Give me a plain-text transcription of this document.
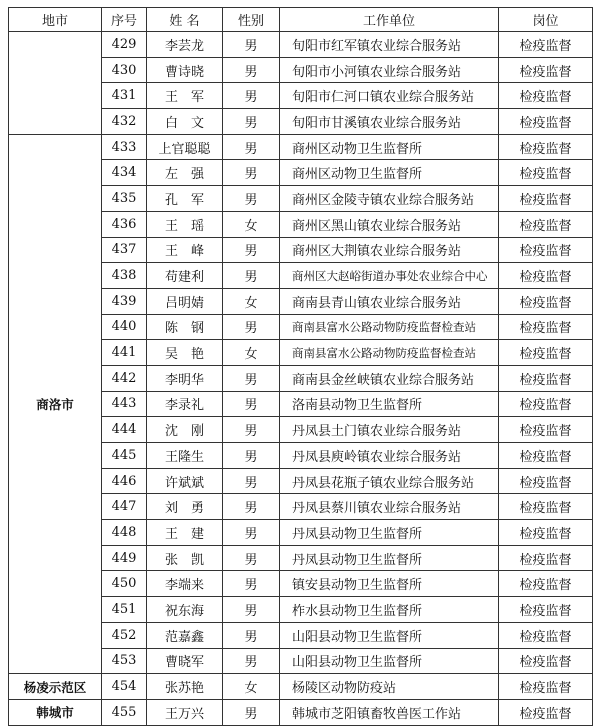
地市	序号	姓 名	性别	工作单位	岗位
	429	李芸龙	男	旬阳市红军镇农业综合服务站	检疫监督
	430	曹诗晓	男	旬阳市小河镇农业综合服务站	检疫监督
	431	王　军	男	旬阳市仁河口镇农业综合服务站	检疫监督
	432	白　文	男	旬阳市甘溪镇农业综合服务站	检疫监督
商洛市	433	上官聪聪	男	商州区动物卫生监督所	检疫监督
	434	左　强	男	商州区动物卫生监督所	检疫监督
	435	孔　军	男	商州区金陵寺镇农业综合服务站	检疫监督
	436	王　瑶	女	商州区黑山镇农业综合服务站	检疫监督
	437	王　峰	男	商州区大荆镇农业综合服务站	检疫监督
	438	苟建利	男	商州区大赵峪街道办事处农业综合中心	检疫监督
	439	吕明婧	女	商南县青山镇农业综合服务站	检疫监督
	440	陈　钢	男	商南县富水公路动物防疫监督检查站	检疫监督
	441	吴　艳	女	商南县富水公路动物防疫监督检查站	检疫监督
	442	李明华	男	商南县金丝峡镇农业综合服务站	检疫监督
	443	李录礼	男	洛南县动物卫生监督所	检疫监督
	444	沈　刚	男	丹凤县土门镇农业综合服务站	检疫监督
	445	王隆生	男	丹凤县庾岭镇农业综合服务站	检疫监督
	446	许斌斌	男	丹凤县花瓶子镇农业综合服务站	检疫监督
	447	刘　勇	男	丹凤县蔡川镇农业综合服务站	检疫监督
	448	王　建	男	丹凤县动物卫生监督所	检疫监督
	449	张　凯	男	丹凤县动物卫生监督所	检疫监督
	450	李端来	男	镇安县动物卫生监督所	检疫监督
	451	祝东海	男	柞水县动物卫生监督所	检疫监督
	452	范嘉鑫	男	山阳县动物卫生监督所	检疫监督
	453	曹晓军	男	山阳县动物卫生监督所	检疫监督
杨凌示范区	454	张苏艳	女	杨陵区动物防疫站	检疫监督
韩城市	455	王万兴	男	韩城市芝阳镇畜牧兽医工作站	检疫监督
